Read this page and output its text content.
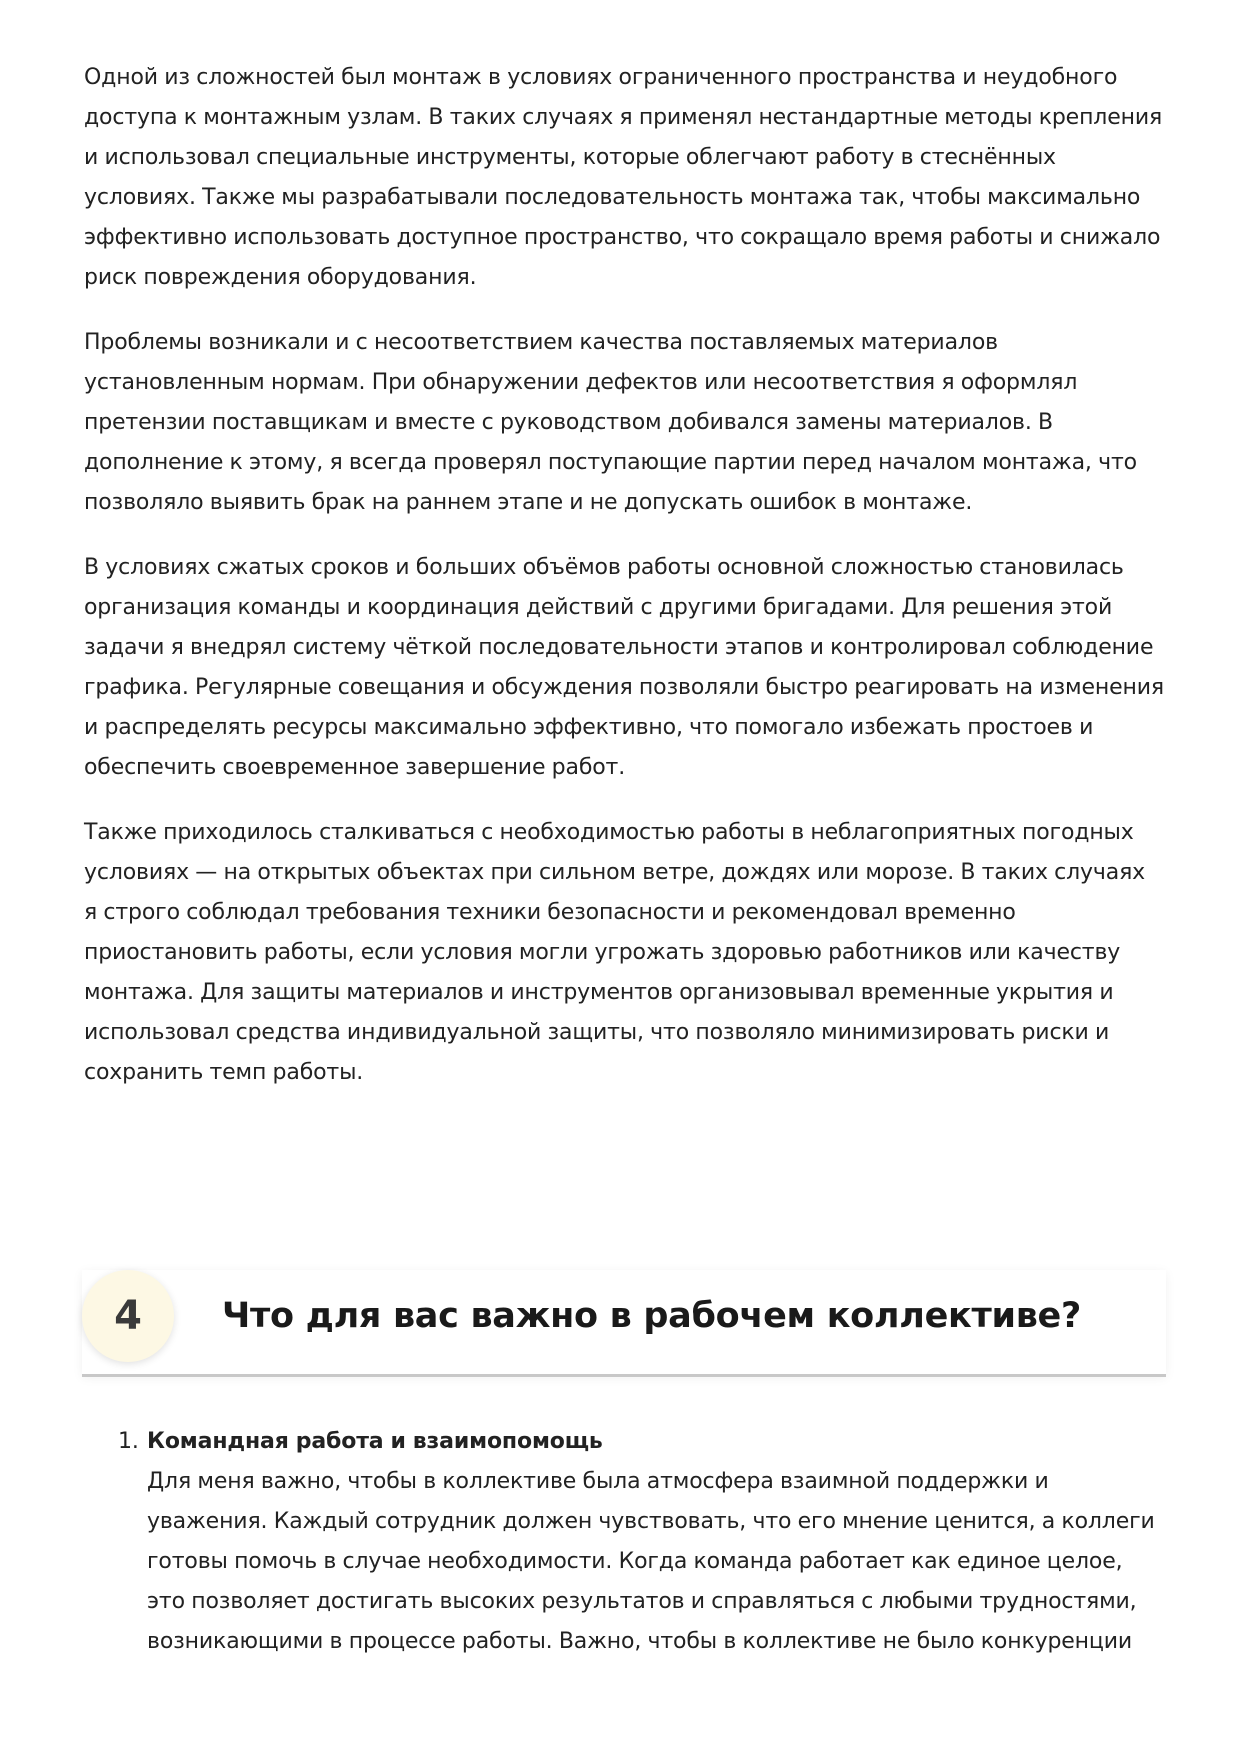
Одной из сложностей был монтаж в условиях ограниченного пространства и неудобного доступа к монтажным узлам. В таких случаях я применял нестандартные методы крепления и использовал специальные инструменты, которые облегчают работу в стеснённых условиях. Также мы разрабатывали последовательность монтажа так, чтобы максимально эффективно использовать доступное пространство, что сокращало время работы и снижало риск повреждения оборудования.

Проблемы возникали и с несоответствием качества поставляемых материалов установленным нормам. При обнаружении дефектов или несоответствия я оформлял претензии поставщикам и вместе с руководством добивался замены материалов. В дополнение к этому, я всегда проверял поступающие партии перед началом монтажа, что позволяло выявить брак на раннем этапе и не допускать ошибок в монтаже.

В условиях сжатых сроков и больших объёмов работы основной сложностью становилась организация команды и координация действий с другими бригадами. Для решения этой задачи я внедрял систему чёткой последовательности этапов и контролировал соблюдение графика. Регулярные совещания и обсуждения позволяли быстро реагировать на изменения и распределять ресурсы максимально эффективно, что помогало избежать простоев и обеспечить своевременное завершение работ.

Также приходилось сталкиваться с необходимостью работы в неблагоприятных погодных условиях — на открытых объектах при сильном ветре, дождях или морозе. В таких случаях я строго соблюдал требования техники безопасности и рекомендовал временно приостановить работы, если условия могли угрожать здоровью работников или качеству монтажа. Для защиты материалов и инструментов организовывал временные укрытия и использовал средства индивидуальной защиты, что позволяло минимизировать риски и сохранить темп работы.

4	Что для вас важно в рабочем коллективе?
1. Командная работа и взаимопомощь
Для меня важно, чтобы в коллективе была атмосфера взаимной поддержки и уважения. Каждый сотрудник должен чувствовать, что его мнение ценится, а коллеги готовы помочь в случае необходимости. Когда команда работает как единое целое, это позволяет достигать высоких результатов и справляться с любыми трудностями, возникающими в процессе работы. Важно, чтобы в коллективе не было конкуренции
